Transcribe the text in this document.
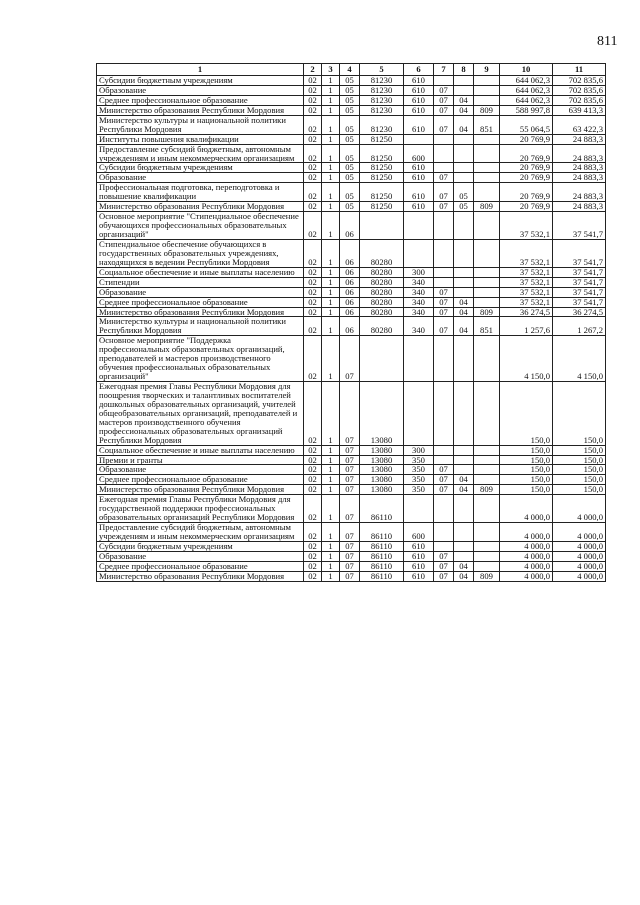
811
1	2	3	4	5	6	7	8	9	10	11
Субсидии бюджетным учреждениям	02	1	05	81230	610				644 062,3	702 835,6
Образование	02	1	05	81230	610	07			644 062,3	702 835,6
Среднее профессиональное образование	02	1	05	81230	610	07	04		644 062,3	702 835,6
Министерство образования Республики Мордовия	02	1	05	81230	610	07	04	809	588 997,8	639 413,3
Министерство культуры и национальной политики Республики Мордовия	02	1	05	81230	610	07	04	851	55 064,5	63 422,3
Институты повышения квалификации	02	1	05	81250					20 769,9	24 883,3
Предоставление субсидий бюджетным, автономным учреждениям и иным некоммерческим организациям	02	1	05	81250	600				20 769,9	24 883,3
Субсидии бюджетным учреждениям	02	1	05	81250	610				20 769,9	24 883,3
Образование	02	1	05	81250	610	07			20 769,9	24 883,3
Профессиональная подготовка, переподготовка и повышение квалификации	02	1	05	81250	610	07	05		20 769,9	24 883,3
Министерство образования Республики Мордовия	02	1	05	81250	610	07	05	809	20 769,9	24 883,3
Основное мероприятие "Стипендиальное обеспечение обучающихся профессиональных образовательных организаций"	02	1	06						37 532,1	37 541,7
Стипендиальное обеспечение обучающихся в государственных образовательных учреждениях, находящихся в ведении Республики Мордовия	02	1	06	80280					37 532,1	37 541,7
Социальное обеспечение и иные выплаты населению	02	1	06	80280	300				37 532,1	37 541,7
Стипендии	02	1	06	80280	340				37 532,1	37 541,7
Образование	02	1	06	80280	340	07			37 532,1	37 541,7
Среднее профессиональное образование	02	1	06	80280	340	07	04		37 532,1	37 541,7
Министерство образования Республики Мордовия	02	1	06	80280	340	07	04	809	36 274,5	36 274,5
Министерство культуры и национальной политики Республики Мордовия	02	1	06	80280	340	07	04	851	1 257,6	1 267,2
Основное мероприятие "Поддержка профессиональных образовательных организаций, преподавателей и мастеров производственного обучения профессиональных образовательных организаций"	02	1	07						4 150,0	4 150,0
Ежегодная премия Главы Республики Мордовия для поощрения творческих и талантливых воспитателей дошкольных образовательных организаций, учителей общеобразовательных организаций, преподавателей и мастеров производственного обучения профессиональных образовательных организаций Республики Мордовия	02	1	07	13080					150,0	150,0
Социальное обеспечение и иные выплаты населению	02	1	07	13080	300				150,0	150,0
Премии и гранты	02	1	07	13080	350				150,0	150,0
Образование	02	1	07	13080	350	07			150,0	150,0
Среднее профессиональное образование	02	1	07	13080	350	07	04		150,0	150,0
Министерство образования Республики Мордовия	02	1	07	13080	350	07	04	809	150,0	150,0
Ежегодная премия Главы Республики Мордовия для государственной поддержки профессиональных образовательных организаций Республики Мордовия	02	1	07	86110					4 000,0	4 000,0
Предоставление субсидий бюджетным, автономным учреждениям и иным некоммерческим организациям	02	1	07	86110	600				4 000,0	4 000,0
Субсидии бюджетным учреждениям	02	1	07	86110	610				4 000,0	4 000,0
Образование	02	1	07	86110	610	07			4 000,0	4 000,0
Среднее профессиональное образование	02	1	07	86110	610	07	04		4 000,0	4 000,0
Министерство образования Республики Мордовия	02	1	07	86110	610	07	04	809	4 000,0	4 000,0
